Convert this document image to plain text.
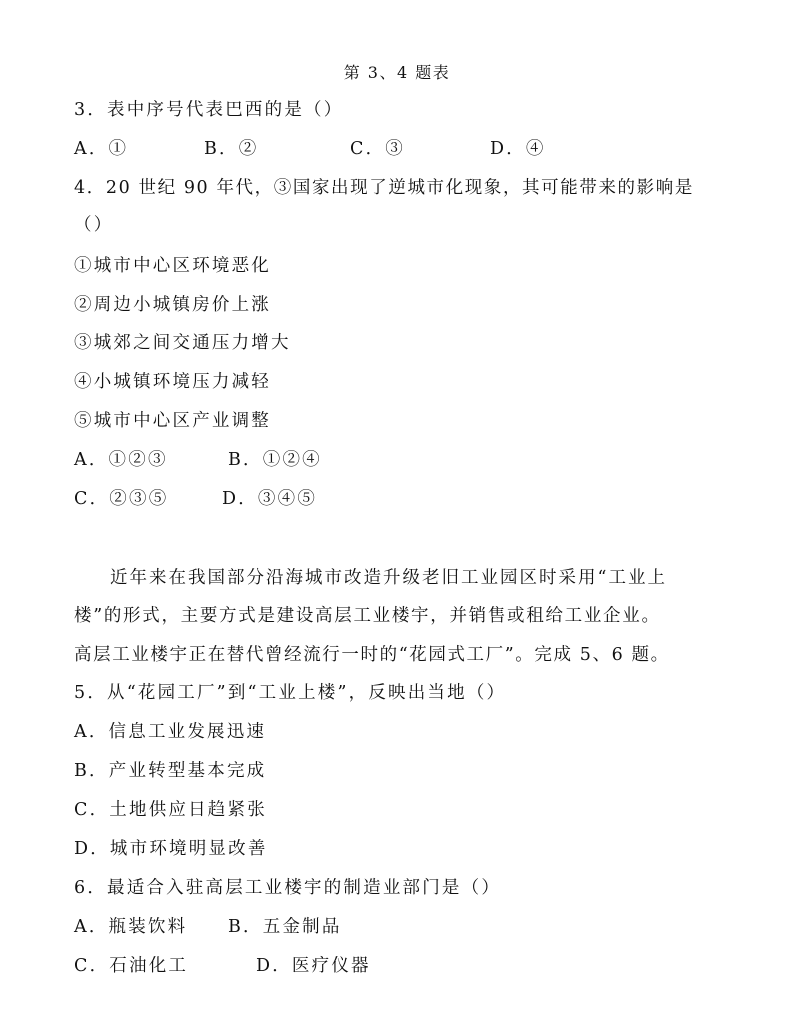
第 3、4 题表
3．表中序号代表巴西的是（）
A．①	B．②	C．③	D．④
4．20 世纪 90 年代，③国家出现了逆城市化现象，其可能带来的影响是
（）
①城市中心区环境恶化
②周边小城镇房价上涨
③城郊之间交通压力增大
④小城镇环境压力减轻
⑤城市中心区产业调整
A．①②③	B．①②④
C．②③⑤	D．③④⑤
近年来在我国部分沿海城市改造升级老旧工业园区时采用“工业上
楼”的形式，主要方式是建设高层工业楼宇，并销售或租给工业企业。
高层工业楼宇正在替代曾经流行一时的“花园式工厂”。完成 5、6 题。
5．从“花园工厂”到“工业上楼”，反映出当地（）
A．信息工业发展迅速
B．产业转型基本完成
C．土地供应日趋紧张
D．城市环境明显改善
6．最适合入驻高层工业楼宇的制造业部门是（）
A．瓶装饮料 B．五金制品
C．石油化工	D．医疗仪器
